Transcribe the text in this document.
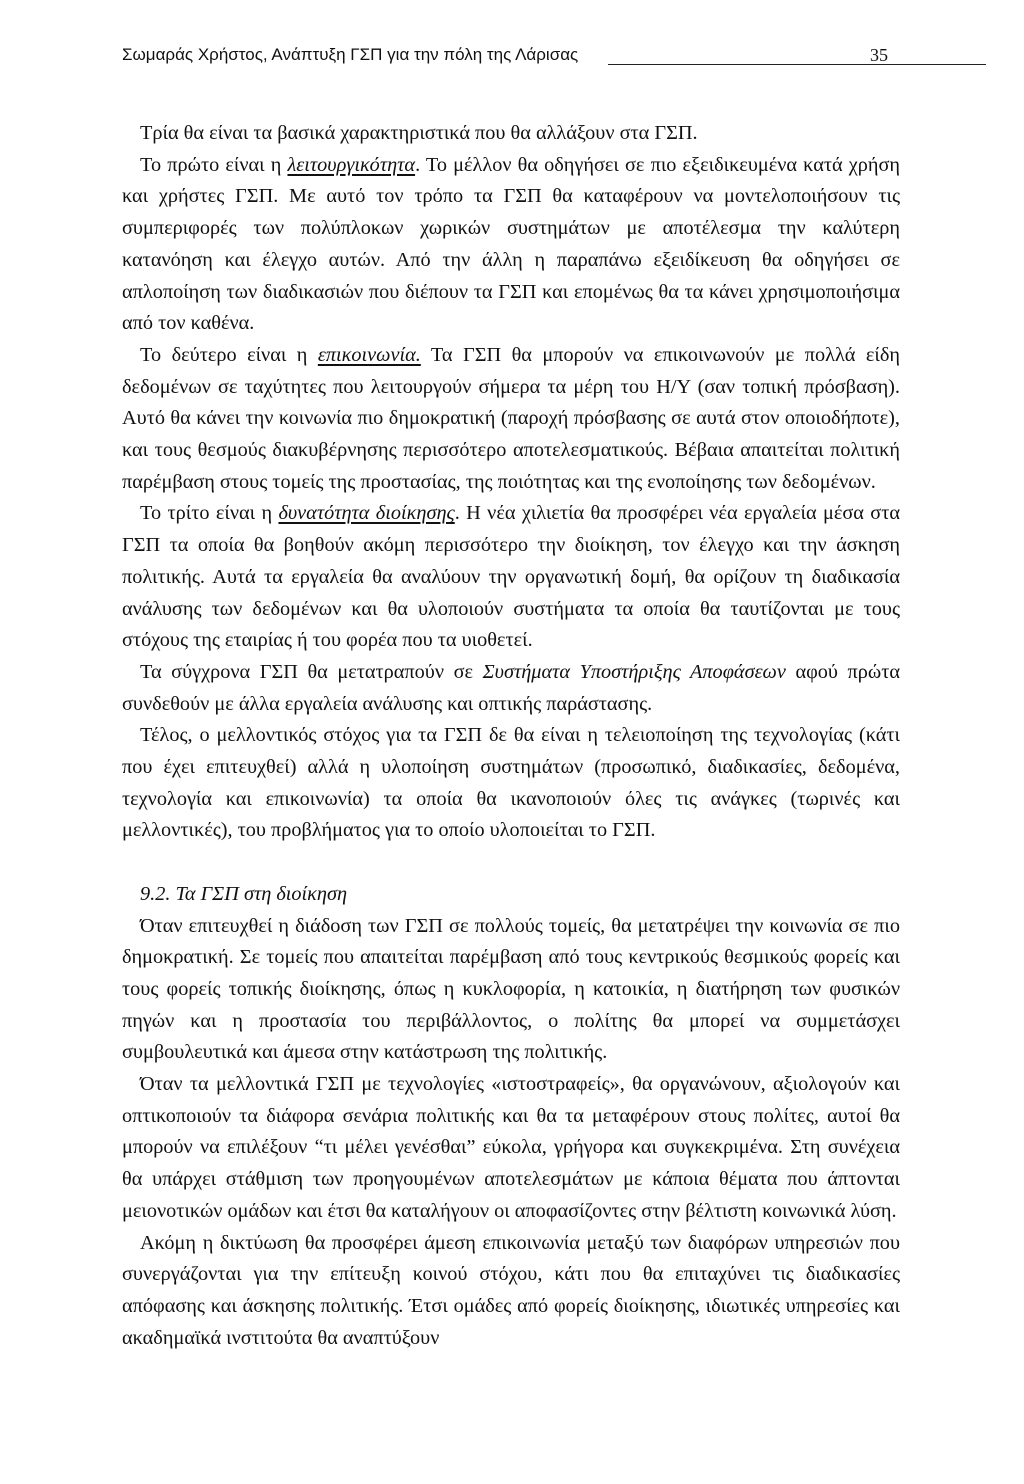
Σωμαράς Χρήστος, Ανάπτυξη ΓΣΠ για την πόλη της Λάρισας	35

Τρία θα είναι τα βασικά χαρακτηριστικά που θα αλλάξουν στα ΓΣΠ.

Το πρώτο είναι η λειτουργικότητα. Το μέλλον θα οδηγήσει σε πιο εξειδικευμένα κατά χρήση και χρήστες ΓΣΠ. Με αυτό τον τρόπο τα ΓΣΠ θα καταφέρουν να μοντελοποιήσουν τις συμπεριφορές των πολύπλοκων χωρικών συστημάτων με αποτέλεσμα την καλύτερη κατανόηση και έλεγχο αυτών. Από την άλλη η παραπάνω εξειδίκευση θα οδηγήσει σε απλοποίηση των διαδικασιών που διέπουν τα ΓΣΠ και επομένως θα τα κάνει χρησιμοποιήσιμα από τον καθένα.

Το δεύτερο είναι η επικοινωνία. Τα ΓΣΠ θα μπορούν να επικοινωνούν με πολλά είδη δεδομένων σε ταχύτητες που λειτουργούν σήμερα τα μέρη του Η/Υ (σαν τοπική πρόσβαση). Αυτό θα κάνει την κοινωνία πιο δημοκρατική (παροχή πρόσβασης σε αυτά στον οποιοδήποτε), και τους θεσμούς διακυβέρνησης περισσότερο αποτελεσματικούς. Βέβαια απαιτείται πολιτική παρέμβαση στους τομείς της προστασίας, της ποιότητας και της ενοποίησης των δεδομένων.

Το τρίτο είναι η δυνατότητα διοίκησης. Η νέα χιλιετία θα προσφέρει νέα εργαλεία μέσα στα ΓΣΠ τα οποία θα βοηθούν ακόμη περισσότερο την διοίκηση, τον έλεγχο και την άσκηση πολιτικής. Αυτά τα εργαλεία θα αναλύουν την οργανωτική δομή, θα ορίζουν τη διαδικασία ανάλυσης των δεδομένων και θα υλοποιούν συστήματα τα οποία θα ταυτίζονται με τους στόχους της εταιρίας ή του φορέα που τα υιοθετεί.

Τα σύγχρονα ΓΣΠ θα μετατραπούν σε Συστήματα Υποστήριξης Αποφάσεων αφού πρώτα συνδεθούν με άλλα εργαλεία ανάλυσης και οπτικής παράστασης.

Τέλος, ο μελλοντικός στόχος για τα ΓΣΠ δε θα είναι η τελειοποίηση της τεχνολογίας (κάτι που έχει επιτευχθεί) αλλά η υλοποίηση συστημάτων (προσωπικό, διαδικασίες, δεδομένα, τεχνολογία και επικοινωνία) τα οποία θα ικανοποιούν όλες τις ανάγκες (τωρινές και μελλοντικές), του προβλήματος για το οποίο υλοποιείται το ΓΣΠ.

9.2. Τα ΓΣΠ στη διοίκηση

Όταν επιτευχθεί η διάδοση των ΓΣΠ σε πολλούς τομείς, θα μετατρέψει την κοινωνία σε πιο δημοκρατική. Σε τομείς που απαιτείται παρέμβαση από τους κεντρικούς θεσμικούς φορείς και τους φορείς τοπικής διοίκησης, όπως η κυκλοφορία, η κατοικία, η διατήρηση των φυσικών πηγών και η προστασία του περιβάλλοντος, ο πολίτης θα μπορεί να συμμετάσχει συμβουλευτικά και άμεσα στην κατάστρωση της πολιτικής.

Όταν τα μελλοντικά ΓΣΠ με τεχνολογίες «ιστοστραφείς», θα οργανώνουν, αξιολογούν και οπτικοποιούν τα διάφορα σενάρια πολιτικής και θα τα μεταφέρουν στους πολίτες, αυτοί θα μπορούν να επιλέξουν “τι μέλει γενέσθαι” εύκολα, γρήγορα και συγκεκριμένα. Στη συνέχεια θα υπάρχει στάθμιση των προηγουμένων αποτελεσμάτων με κάποια θέματα που άπτονται μειονοτικών ομάδων και έτσι θα καταλήγουν οι αποφασίζοντες στην βέλτιστη κοινωνικά λύση.

Ακόμη η δικτύωση θα προσφέρει άμεση επικοινωνία μεταξύ των διαφόρων υπηρεσιών που συνεργάζονται για την επίτευξη κοινού στόχου, κάτι που θα επιταχύνει τις διαδικασίες απόφασης και άσκησης πολιτικής. Έτσι ομάδες από φορείς διοίκησης, ιδιωτικές υπηρεσίες και ακαδημαϊκά ινστιτούτα θα αναπτύξουν
